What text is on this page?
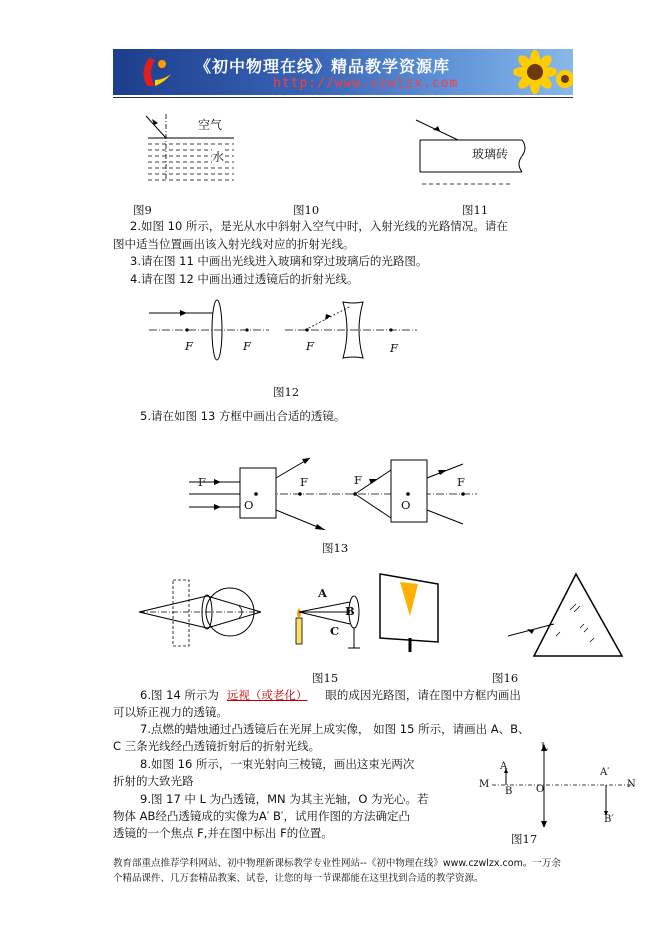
《初中物理在线》精品教学资源库
http://www.czwlzx.com
空气
水	玻璃砖
图9	图10	图11
2.如图 10 所示，是光从水中斜射入空气中时，入射光线的光路情况。请在
图中适当位置画出该入射光线对应的折射光线。
3.请在图 11 中画出光线进入玻璃和穿过玻璃后的光路图。
4.请在图 12 中画出通过透镜后的折射光线。
F	F	F	F
图12
5.请在如图 13 方框中画出合适的透镜。
F	F	F	F
O	O
图13
A
B
C
图15	图16
6.图 14 所示为 远视（或老化） 眼的成因光路图，请在图中方框内画出
可以矫正视力的透镜。
7.点燃的蜡烛通过凸透镜后在光屏上成实像， 如图 15 所示，请画出 A、B、
C 三条光线经凸透镜折射后的折射光线。
8.如图 16 所示，一束光射向三棱镜，画出这束光两次
折射的大致光路
9.图 17 中 L 为凸透镜，MN 为其主光轴，O 为光心。若
物体 AB经凸透镜成的实像为A′ B′，试用作图的方法确定凸
透镜的一个焦点 F,并在图中标出 F的位置。
L
M	N
O
A
B
A′
B′
图17
教育部重点推荐学科网站、初中物理新课标教学专业性网站--《初中物理在线》www.czwlzx.com。一万余
个精品课件、几万套精品教案、试卷，让您的每一节课都能在这里找到合适的教学资源。
